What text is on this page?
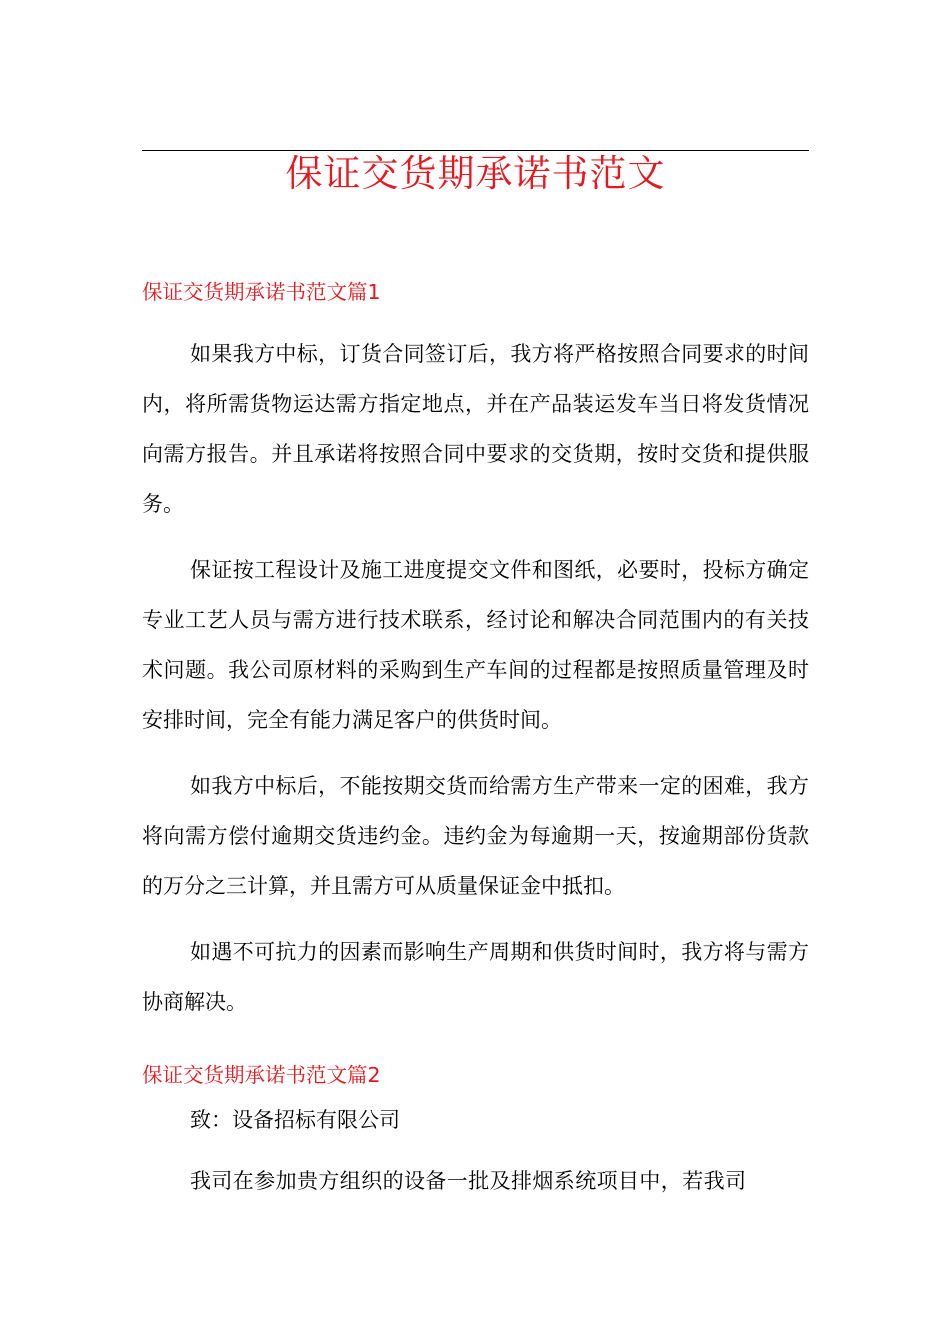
保证交货期承诺书范文
保证交货期承诺书范文篇1

如果我方中标，订货合同签订后，我方将严格按照合同要求的时间内，将所需货物运达需方指定地点，并在产品装运发车当日将发货情况向需方报告。并且承诺将按照合同中要求的交货期，按时交货和提供服务。

保证按工程设计及施工进度提交文件和图纸，必要时，投标方确定专业工艺人员与需方进行技术联系，经讨论和解决合同范围内的有关技术问题。我公司原材料的采购到生产车间的过程都是按照质量管理及时安排时间，完全有能力满足客户的供货时间。

如我方中标后，不能按期交货而给需方生产带来一定的困难，我方将向需方偿付逾期交货违约金。违约金为每逾期一天，按逾期部份货款的万分之三计算，并且需方可从质量保证金中抵扣。

如遇不可抗力的因素而影响生产周期和供货时间时，我方将与需方协商解决。

保证交货期承诺书范文篇2

致：设备招标有限公司

我司在参加贵方组织的设备一批及排烟系统项目中，若我司
